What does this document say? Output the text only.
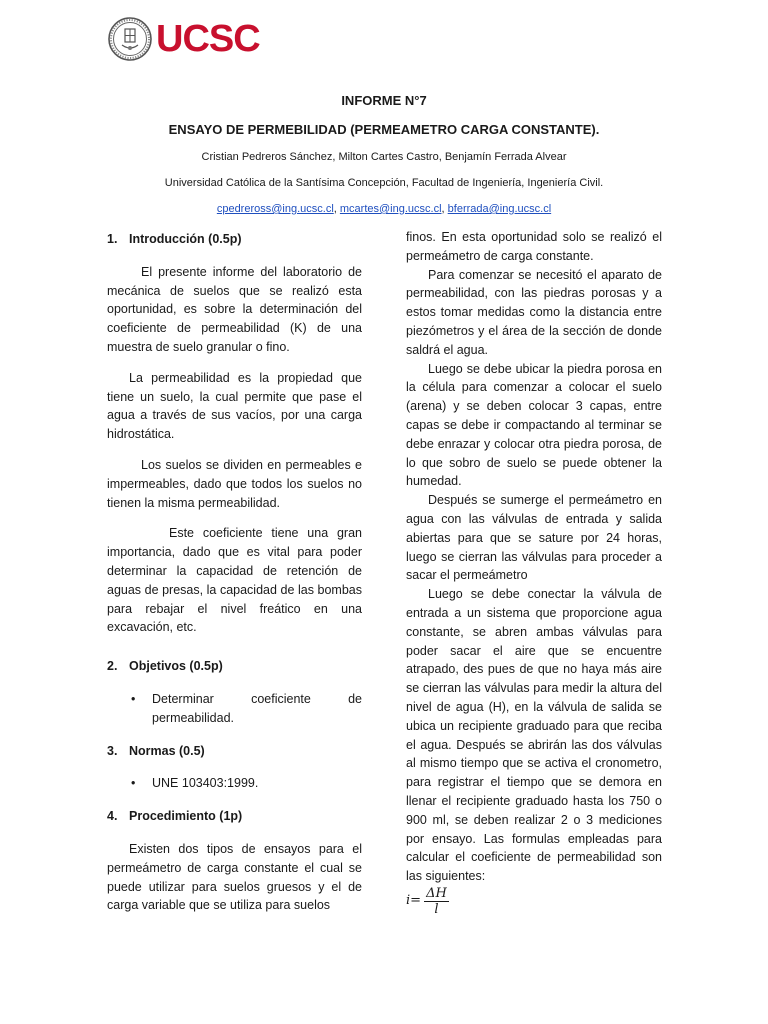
UCSC
INFORME N°7
ENSAYO DE PERMEBILIDAD (PERMEAMETRO CARGA CONSTANTE).
Cristian Pedreros Sánchez, Milton Cartes Castro, Benjamín Ferrada Alvear
Universidad Católica de la Santísima Concepción, Facultad de Ingeniería, Ingeniería Civil.
cpedreross@ing.ucsc.cl, mcartes@ing.ucsc.cl, bferrada@ing.ucsc.cl
1. Introducción (0.5p)

El presente informe del laboratorio de mecánica de suelos que se realizó esta oportunidad, es sobre la determinación del coeficiente de permeabilidad (K) de una muestra de suelo granular o fino.

La permeabilidad es la propiedad que tiene un suelo, la cual permite que pase el agua a través de sus vacíos, por una carga hidrostática.

Los suelos se dividen en permeables e impermeables, dado que todos los suelos no tienen la misma permeabilidad.

Este coeficiente tiene una gran importancia, dado que es vital para poder determinar la capacidad de retención de aguas de presas, la capacidad de las bombas para rebajar el nivel freático en una excavación, etc.

2. Objetivos (0.5p)
•	Determinar coeficiente de permeabilidad.
3. Normas (0.5)
•	UNE 103403:1999.
4. Procedimiento (1p)

Existen dos tipos de ensayos para el permeámetro de carga constante el cual se puede utilizar para suelos gruesos y el de carga variable que se utiliza para suelos

finos. En esta oportunidad solo se realizó el permeámetro de carga constante.

Para comenzar se necesitó el aparato de permeabilidad, con las piedras porosas y a estos tomar medidas como la distancia entre piezómetros y el área de la sección de donde saldrá el agua.

Luego se debe ubicar la piedra porosa en la célula para comenzar a colocar el suelo (arena) y se deben colocar 3 capas, entre capas se debe ir compactando al terminar se debe enrazar y colocar otra piedra porosa, de lo que sobro de suelo se puede obtener la humedad.

Después se sumerge el permeámetro en agua con las válvulas de entrada y salida abiertas para que se sature por 24 horas, luego se cierran las válvulas para proceder a sacar el permeámetro

Luego se debe conectar la válvula de entrada a un sistema que proporcione agua constante, se abren ambas válvulas para poder sacar el aire que se encuentre atrapado, des pues de que no haya más aire se cierran las válvulas para medir la altura del nivel de agua (H), en la válvula de salida se ubica un recipiente graduado para que reciba el agua. Después se abrirán las dos válvulas al mismo tiempo que se activa el cronometro, para registrar el tiempo que se demora en llenar el recipiente graduado hasta los 750 o 900 ml, se deben realizar 2 o 3 mediciones por ensayo. Las formulas empleadas para calcular el coeficiente de permeabilidad son las siguientes:

$i = \frac{\Delta H}{l}$
